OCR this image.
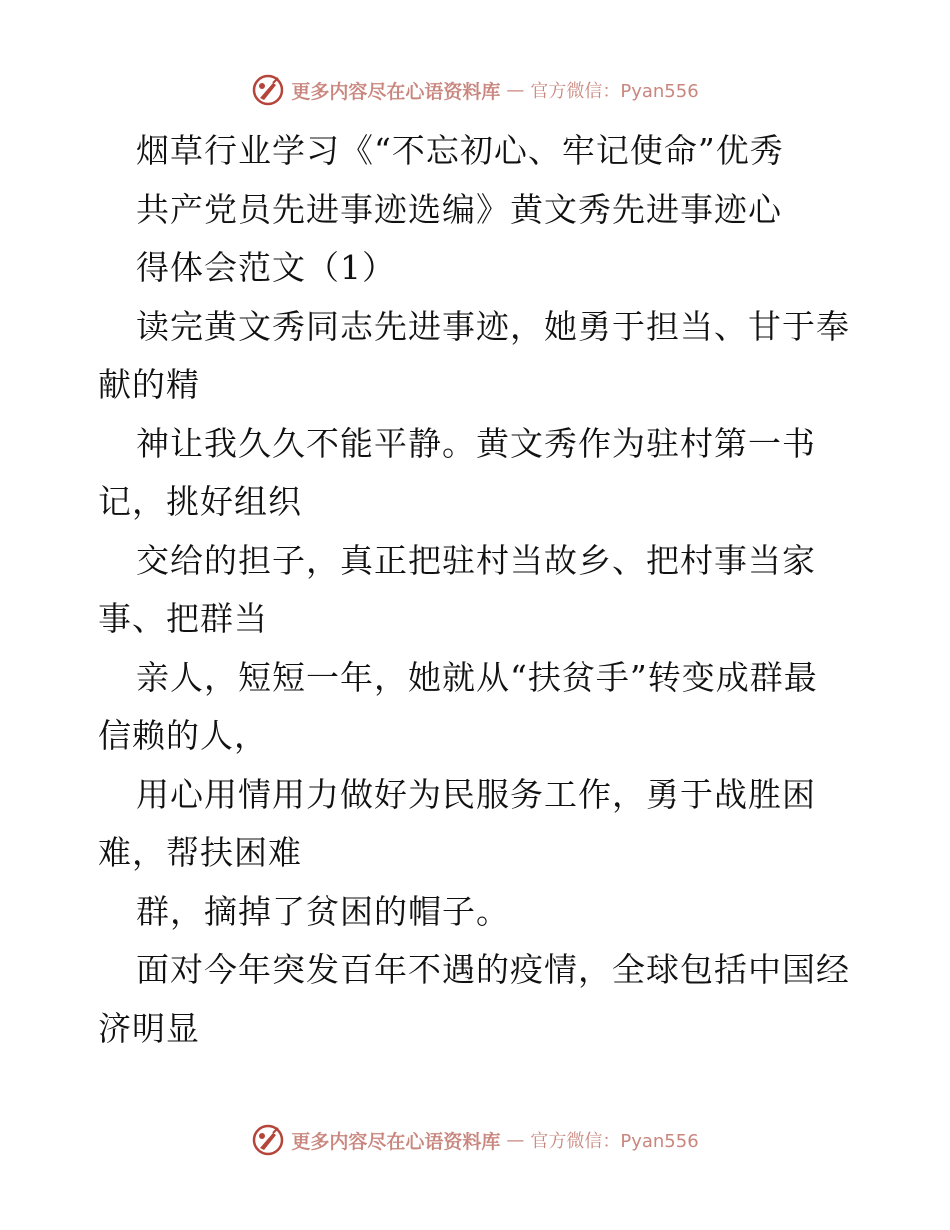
更多内容尽在心语资料库 — 官方微信：Pyan556
烟草行业学习《“不忘初心、牢记使命”优秀
共产党员先进事迹选编》黄文秀先进事迹心
得体会范文（1）
读完黄文秀同志先进事迹，她勇于担当、甘于奉
献的精
神让我久久不能平静。黄文秀作为驻村第一书
记，挑好组织
交给的担子，真正把驻村当故乡、把村事当家
事、把群当
亲人，短短一年，她就从“扶贫手”转变成群最
信赖的人，
用心用情用力做好为民服务工作，勇于战胜困
难，帮扶困难
群，摘掉了贫困的帽子。
面对今年突发百年不遇的疫情，全球包括中国经
济明显
更多内容尽在心语资料库 — 官方微信：Pyan556
